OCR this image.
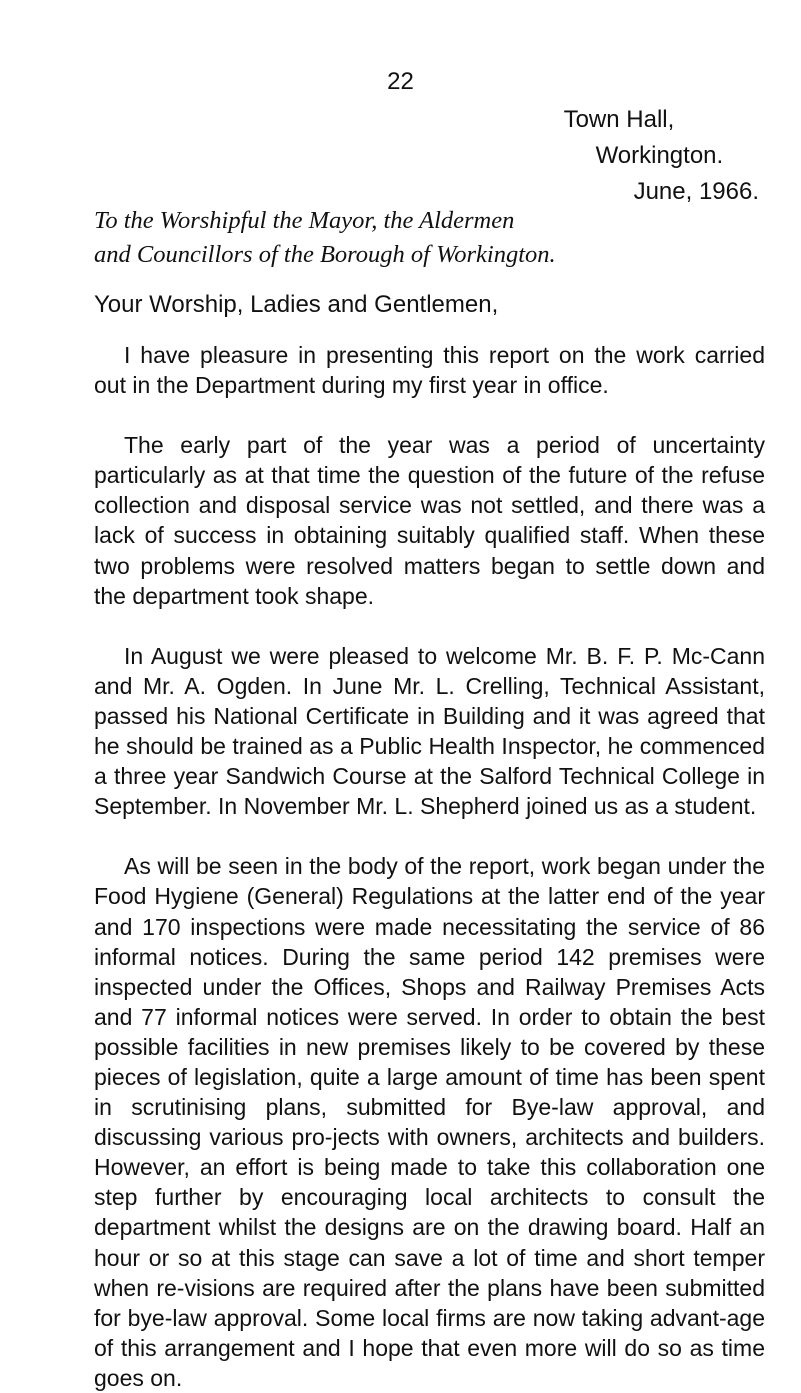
22
Town Hall,
Workington.
June, 1966.
To the Worshipful the Mayor, the Aldermen
and Councillors of the Borough of Workington.
Your Worship, Ladies and Gentlemen,

I have pleasure in presenting this report on the work carried out in the Department during my first year in office.

The early part of the year was a period of uncertainty particularly as at that time the question of the future of the refuse collection and disposal service was not settled, and there was a lack of success in obtaining suitably qualified staff. When these two problems were resolved matters began to settle down and the department took shape.

In August we were pleased to welcome Mr. B. F. P. Mc-Cann and Mr. A. Ogden. In June Mr. L. Crelling, Technical Assistant, passed his National Certificate in Building and it was agreed that he should be trained as a Public Health Inspector, he commenced a three year Sandwich Course at the Salford Technical College in September. In November Mr. L. Shepherd joined us as a student.

As will be seen in the body of the report, work began under the Food Hygiene (General) Regulations at the latter end of the year and 170 inspections were made necessitating the service of 86 informal notices. During the same period 142 premises were inspected under the Offices, Shops and Railway Premises Acts and 77 informal notices were served. In order to obtain the best possible facilities in new premises likely to be covered by these pieces of legislation, quite a large amount of time has been spent in scrutinising plans, submitted for Bye-law approval, and discussing various pro-jects with owners, architects and builders. However, an effort is being made to take this collaboration one step further by encouraging local architects to consult the department whilst the designs are on the drawing board. Half an hour or so at this stage can save a lot of time and short temper when re-visions are required after the plans have been submitted for bye-law approval. Some local firms are now taking advant-age of this arrangement and I hope that even more will do so as time goes on.
